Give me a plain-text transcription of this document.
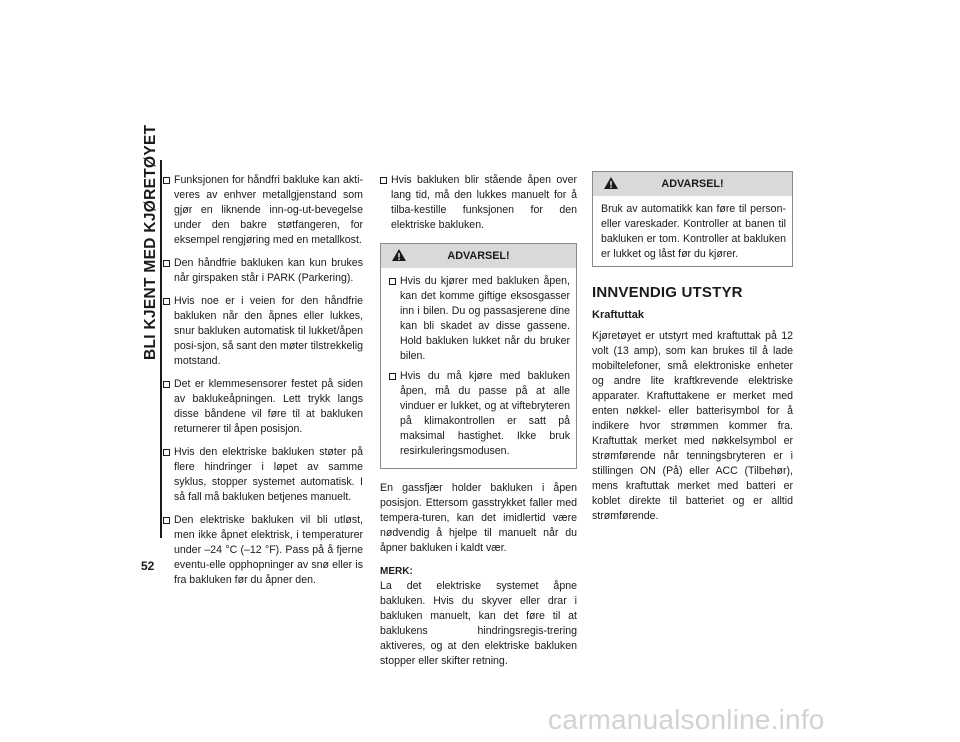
BLI KJENT MED KJØRETØYET
52
Funksjonen for håndfri bakluke kan akti-veres av enhver metallgjenstand som gjør en liknende inn-og-ut-bevegelse under den bakre støtfangeren, for eksempel rengjøring med en metallkost.
Den håndfrie bakluken kan kun brukes når girspaken står i PARK (Parkering).
Hvis noe er i veien for den håndfrie bakluken når den åpnes eller lukkes, snur bakluken automatisk til lukket/åpen posi-sjon, så sant den møter tilstrekkelig motstand.
Det er klemmesensorer festet på siden av baklukeåpningen. Lett trykk langs disse båndene vil føre til at bakluken returnerer til åpen posisjon.
Hvis den elektriske bakluken støter på flere hindringer i løpet av samme syklus, stopper systemet automatisk. I så fall må bakluken betjenes manuelt.
Den elektriske bakluken vil bli utløst, men ikke åpnet elektrisk, i temperaturer under –24 °C (–12 °F). Pass på å fjerne eventu-elle opphopninger av snø eller is fra bakluken før du åpner den.
Hvis bakluken blir stående åpen over lang tid, må den lukkes manuelt for å tilba-kestille funksjonen for den elektriske bakluken.
ADVARSEL!
Hvis du kjører med bakluken åpen, kan det komme giftige eksosgasser inn i bilen. Du og passasjerene dine kan bli skadet av disse gassene. Hold bakluken lukket når du bruker bilen.
Hvis du må kjøre med bakluken åpen, må du passe på at alle vinduer er lukket, og at viftebryteren på klimakontrollen er satt på maksimal hastighet. Ikke bruk resirkuleringsmodusen.

En gassfjær holder bakluken i åpen posisjon. Ettersom gasstrykket faller med tempera-turen, kan det imidlertid være nødvendig å hjelpe til manuelt når du åpner bakluken i kaldt vær.

MERK:

La det elektriske systemet åpne bakluken. Hvis du skyver eller drar i bakluken manuelt, kan det føre til at baklukens hindringsregis-trering aktiveres, og at den elektriske bakluken stopper eller skifter retning.

ADVARSEL!

Bruk av automatikk kan føre til person- eller vareskader. Kontroller at banen til bakluken er tom. Kontroller at bakluken er lukket og låst før du kjører.

INNVENDIG UTSTYR
Kraftuttak

Kjøretøyet er utstyrt med kraftuttak på 12 volt (13 amp), som kan brukes til å lade mobiltelefoner, små elektroniske enheter og andre lite kraftkrevende elektriske apparater. Kraftuttakene er merket med enten nøkkel- eller batterisymbol for å indikere hvor strømmen kommer fra. Kraftuttak merket med nøkkelsymbol er strømførende når tenningsbryteren er i stillingen ON (På) eller ACC (Tilbehør), mens kraftuttak merket med batteri er koblet direkte til batteriet og er alltid strømførende.

carmanualsonline.info
